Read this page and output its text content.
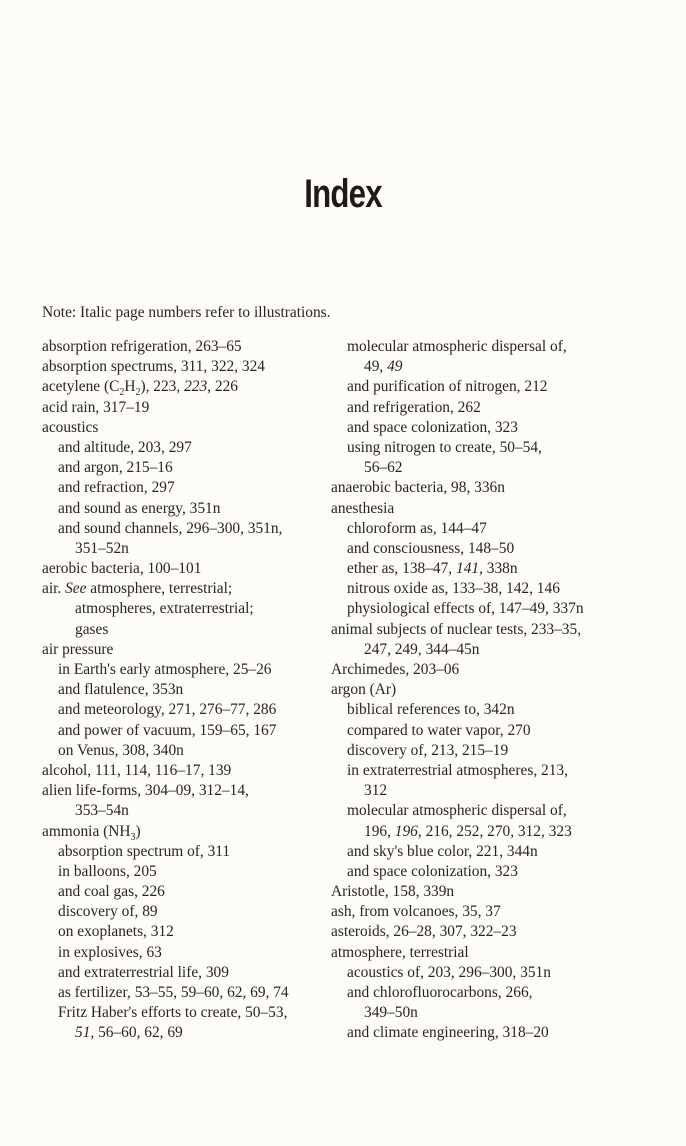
Index
Note: Italic page numbers refer to illustrations.
absorption refrigeration, 263–65
absorption spectrums, 311, 322, 324
acetylene $(C_2H_2)$, 223, 223, 226
acid rain, 317–19
acoustics
and altitude, 203, 297
and argon, 215–16
and refraction, 297
and sound as energy, 351n
and sound channels, 296–300, 351n,
351–52n
aerobic bacteria, 100–101
air. See atmosphere, terrestrial;
atmospheres, extraterrestrial;
gases
air pressure
in Earth's early atmosphere, 25–26
and flatulence, 353n
and meteorology, 271, 276–77, 286
and power of vacuum, 159–65, 167
on Venus, 308, 340n
alcohol, 111, 114, 116–17, 139
alien life-forms, 304–09, 312–14,
353–54n
ammonia $(NH_3)$
absorption spectrum of, 311
in balloons, 205
and coal gas, 226
discovery of, 89
on exoplanets, 312
in explosives, 63
and extraterrestrial life, 309
as fertilizer, 53–55, 59–60, 62, 69, 74
Fritz Haber's efforts to create, 50–53,
51, 56–60, 62, 69
molecular atmospheric dispersal of,
49, 49
and purification of nitrogen, 212
and refrigeration, 262
and space colonization, 323
using nitrogen to create, 50–54,
56–62
anaerobic bacteria, 98, 336n
anesthesia
chloroform as, 144–47
and consciousness, 148–50
ether as, 138–47, 141, 338n
nitrous oxide as, 133–38, 142, 146
physiological effects of, 147–49, 337n
animal subjects of nuclear tests, 233–35,
247, 249, 344–45n
Archimedes, 203–06
argon (Ar)
biblical references to, 342n
compared to water vapor, 270
discovery of, 213, 215–19
in extraterrestrial atmospheres, 213,
312
molecular atmospheric dispersal of,
196, 196, 216, 252, 270, 312, 323
and sky's blue color, 221, 344n
and space colonization, 323
Aristotle, 158, 339n
ash, from volcanoes, 35, 37
asteroids, 26–28, 307, 322–23
atmosphere, terrestrial
acoustics of, 203, 296–300, 351n
and chlorofluorocarbons, 266,
349–50n
and climate engineering, 318–20
